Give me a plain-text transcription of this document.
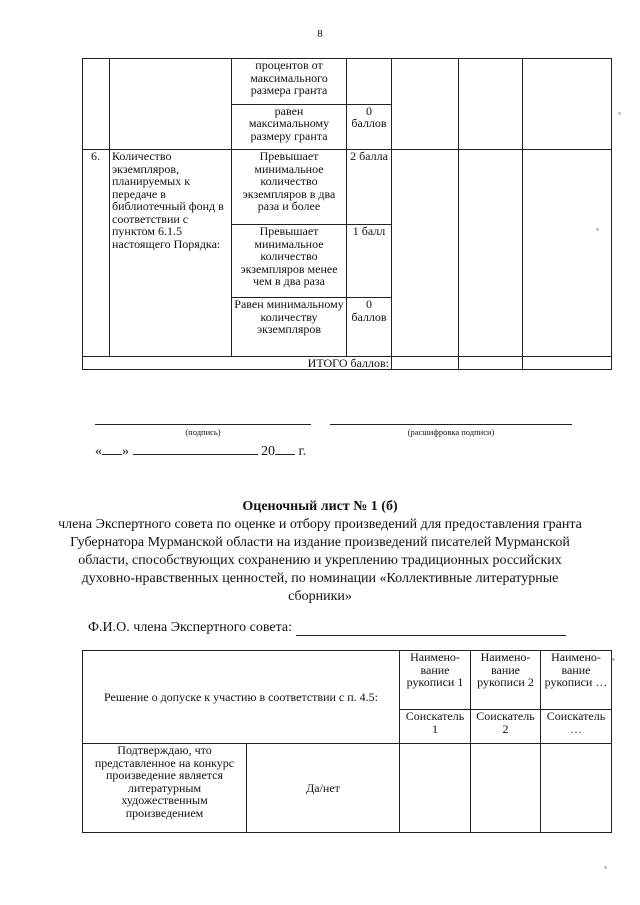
8
		процентов от максимального размера гранта				
		равен максимальному размеру гранта	0 баллов			
6.	Количество экземпляров, планируемых к передаче в библиотечный фонд в соответствии с пунктом 6.1.5 настоящего Порядка:	Превышает минимальное количество экземпляров в два раза и более	2 балла			
		Превышает минимальное количество экземпляров менее чем в два раза	1 балл			
		Равен минимальному количеству экземпляров	0 баллов			
ИТОГО баллов:						
(подпись)	(расшифровка подписи)
« »	20 г.
Оценочный лист № 1 (б)
члена Экспертного совета по оценке и отбору произведений для предоставления гранта Губернатора Мурманской области на издание произведений писателей Мурманской области, способствующих сохранению и укреплению традиционных российских духовно-нравственных ценностей, по номинации «Коллективные литературные сборники»
Ф.И.О. члена Экспертного совета:
Решение о допуске к участию в соответствии с п. 4.5:		Наимено- вание рукописи 1	Наимено- вание рукописи 2	Наимено- вание рукописи …
		Соискатель 1	Соискатель 2	Соискатель …
Подтверждаю, что представленное на конкурс произведение является литературным художественным произведением	Да/нет			
